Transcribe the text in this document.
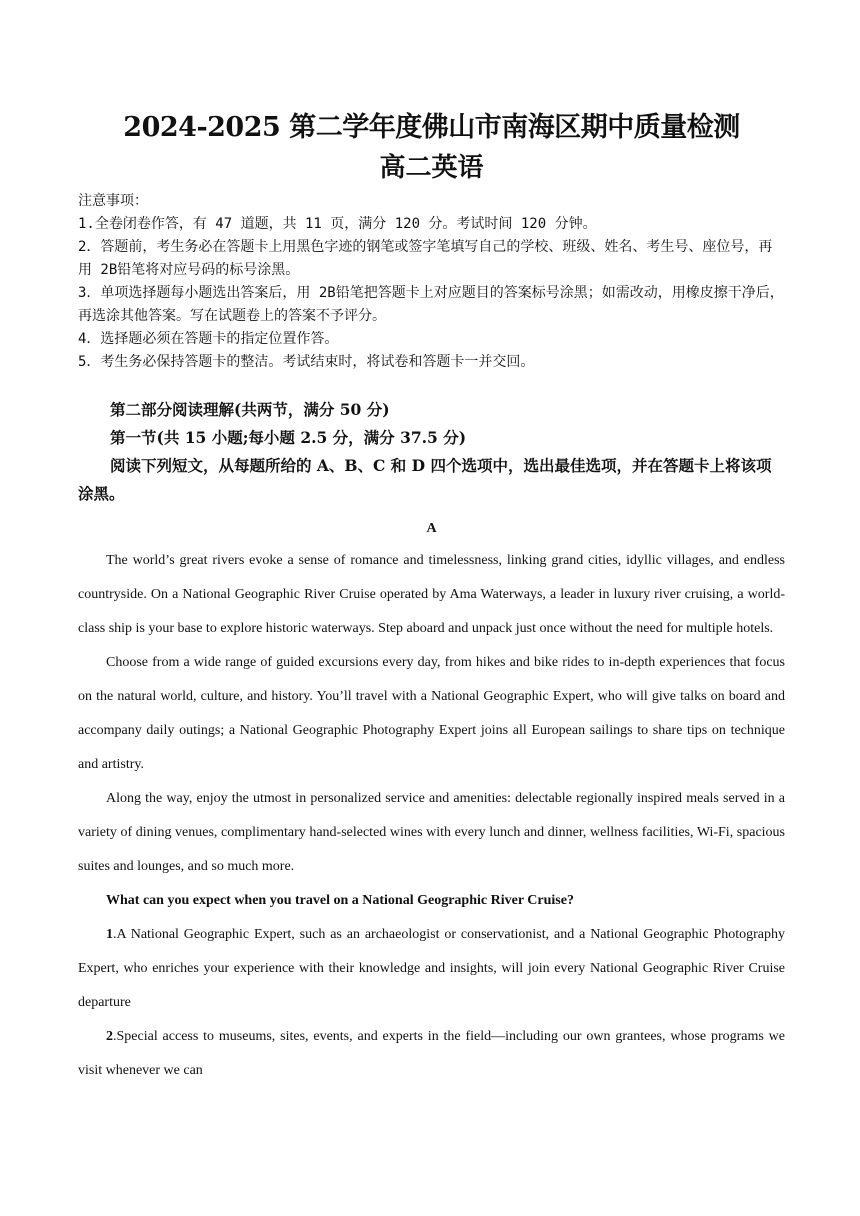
2024-2025 第二学年度佛山市南海区期中质量检测
高二英语
注意事项：
1.全卷闭卷作答，有 47 道题，共 11 页，满分 120 分。考试时间 120 分钟。
2．答题前，考生务必在答题卡上用黑色字迹的钢笔或签字笔填写自己的学校、班级、姓名、考生号、座位号，再用 2B铅笔将对应号码的标号涂黑。
3．单项选择题每小题选出答案后，用 2B铅笔把答题卡上对应题目的答案标号涂黑；如需改动，用橡皮擦干净后，再选涂其他答案。写在试题卷上的答案不予评分。
4．选择题必须在答题卡的指定位置作答。
5．考生务必保持答题卡的整洁。考试结束时，将试卷和答题卡一并交回。

第二部分阅读理解(共两节，满分 50 分)

第一节(共 15 小题;每小题 2.5 分，满分 37.5 分)

阅读下列短文，从每题所给的 A、B、C 和 D 四个选项中，选出最佳选项，并在答题卡上将该项涂黑。

A

The world’s great rivers evoke a sense of romance and timelessness, linking grand cities, idyllic villages, and endless countryside. On a National Geographic River Cruise operated by Ama Waterways, a leader in luxury river cruising, a world-class ship is your base to explore historic waterways. Step aboard and unpack just once without the need for multiple hotels.

Choose from a wide range of guided excursions every day, from hikes and bike rides to in-depth experiences that focus on the natural world, culture, and history. You’ll travel with a National Geographic Expert, who will give talks on board and accompany daily outings; a National Geographic Photography Expert joins all European sailings to share tips on technique and artistry.

Along the way, enjoy the utmost in personalized service and amenities: delectable regionally inspired meals served in a variety of dining venues, complimentary hand-selected wines with every lunch and dinner, wellness facilities, Wi-Fi, spacious suites and lounges, and so much more.

What can you expect when you travel on a National Geographic River Cruise?

1.A National Geographic Expert, such as an archaeologist or conservationist, and a National Geographic Photography Expert, who enriches your experience with their knowledge and insights, will join every National Geographic River Cruise departure

2.Special access to museums, sites, events, and experts in the field—including our own grantees, whose programs we visit whenever we can
